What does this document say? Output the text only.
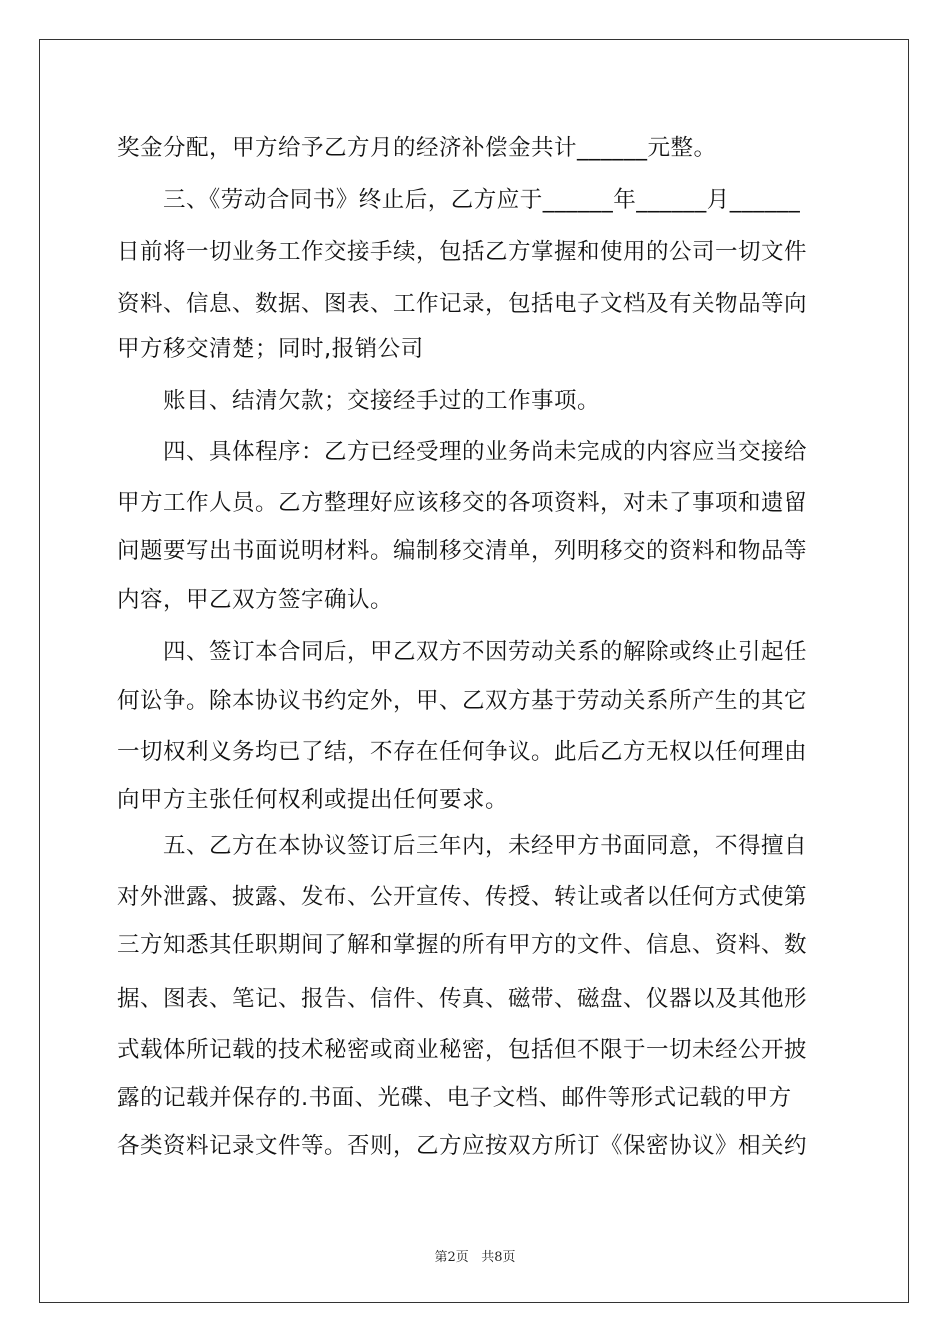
奖金分配，甲方给予乙方月的经济补偿金共计______元整。
　　三、《劳动合同书》终止后，乙方应于______年______月______
日前将一切业务工作交接手续，包括乙方掌握和使用的公司一切文件
资料、信息、数据、图表、工作记录，包括电子文档及有关物品等向
甲方移交清楚；同时,报销公司
　　账目、结清欠款；交接经手过的工作事项。
　　四、具体程序：乙方已经受理的业务尚未完成的内容应当交接给
甲方工作人员。乙方整理好应该移交的各项资料，对未了事项和遗留
问题要写出书面说明材料。编制移交清单，列明移交的资料和物品等
内容，甲乙双方签字确认。
　　四、签订本合同后，甲乙双方不因劳动关系的解除或终止引起任
何讼争。除本协议书约定外，甲、乙双方基于劳动关系所产生的其它
一切权利义务均已了结，不存在任何争议。此后乙方无权以任何理由
向甲方主张任何权利或提出任何要求。
　　五、乙方在本协议签订后三年内，未经甲方书面同意，不得擅自
对外泄露、披露、发布、公开宣传、传授、转让或者以任何方式使第
三方知悉其任职期间了解和掌握的所有甲方的文件、信息、资料、数
据、图表、笔记、报告、信件、传真、磁带、磁盘、仪器以及其他形
式载体所记载的技术秘密或商业秘密，包括但不限于一切未经公开披
露的记载并保存的.书面、光碟、电子文档、邮件等形式记载的甲方
各类资料记录文件等。否则，乙方应按双方所订《保密协议》相关约
第2页 共8页
